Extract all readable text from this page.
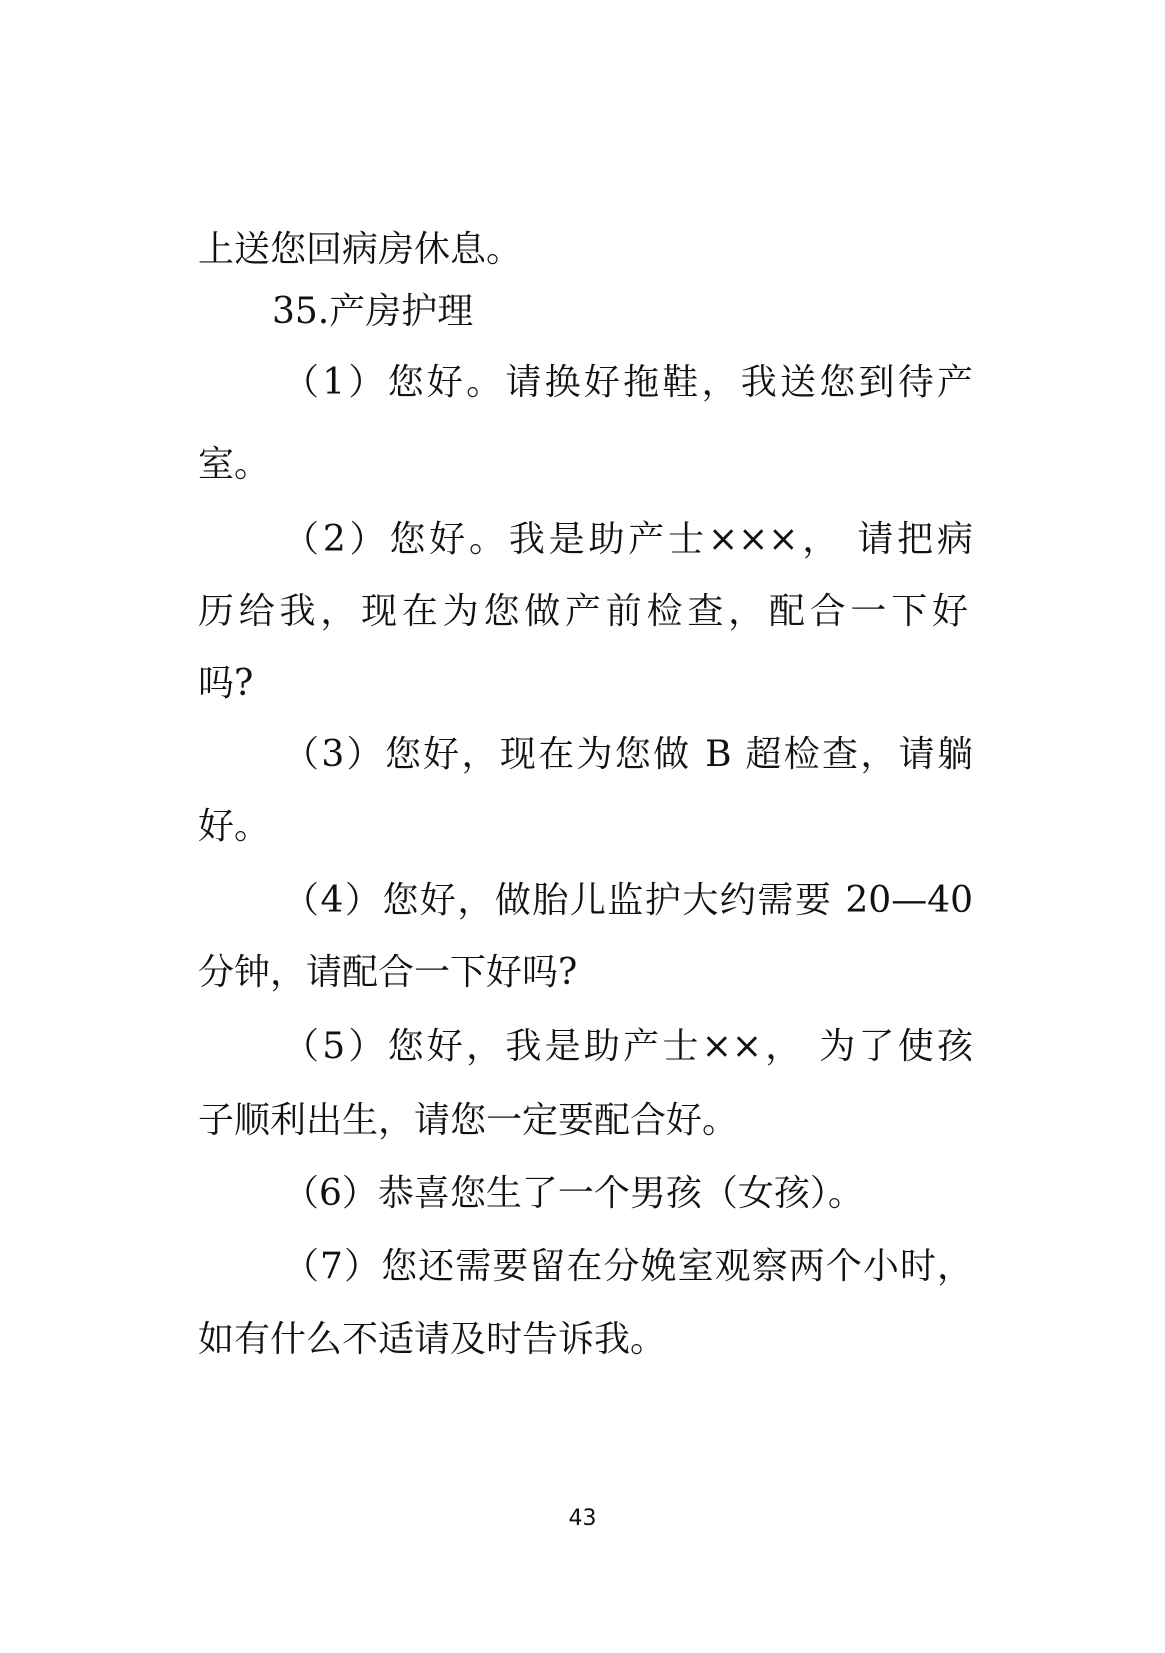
上送您回病房休息。

35.产房护理

（1）您好。请换好拖鞋，我送您到待产

室。

（2）您好。我是助产士×××， 请把病

历给我，现在为您做产前检查，配合一下好

吗?

（3）您好，现在为您做 B 超检查，请躺

好。

（4）您好，做胎儿监护大约需要 20—40

分钟，请配合一下好吗?

（5）您好，我是助产士××， 为了使孩

子顺利出生，请您一定要配合好。

（6）恭喜您生了一个男孩（女孩）。

（7）您还需要留在分娩室观察两个小时，

如有什么不适请及时告诉我。

43
